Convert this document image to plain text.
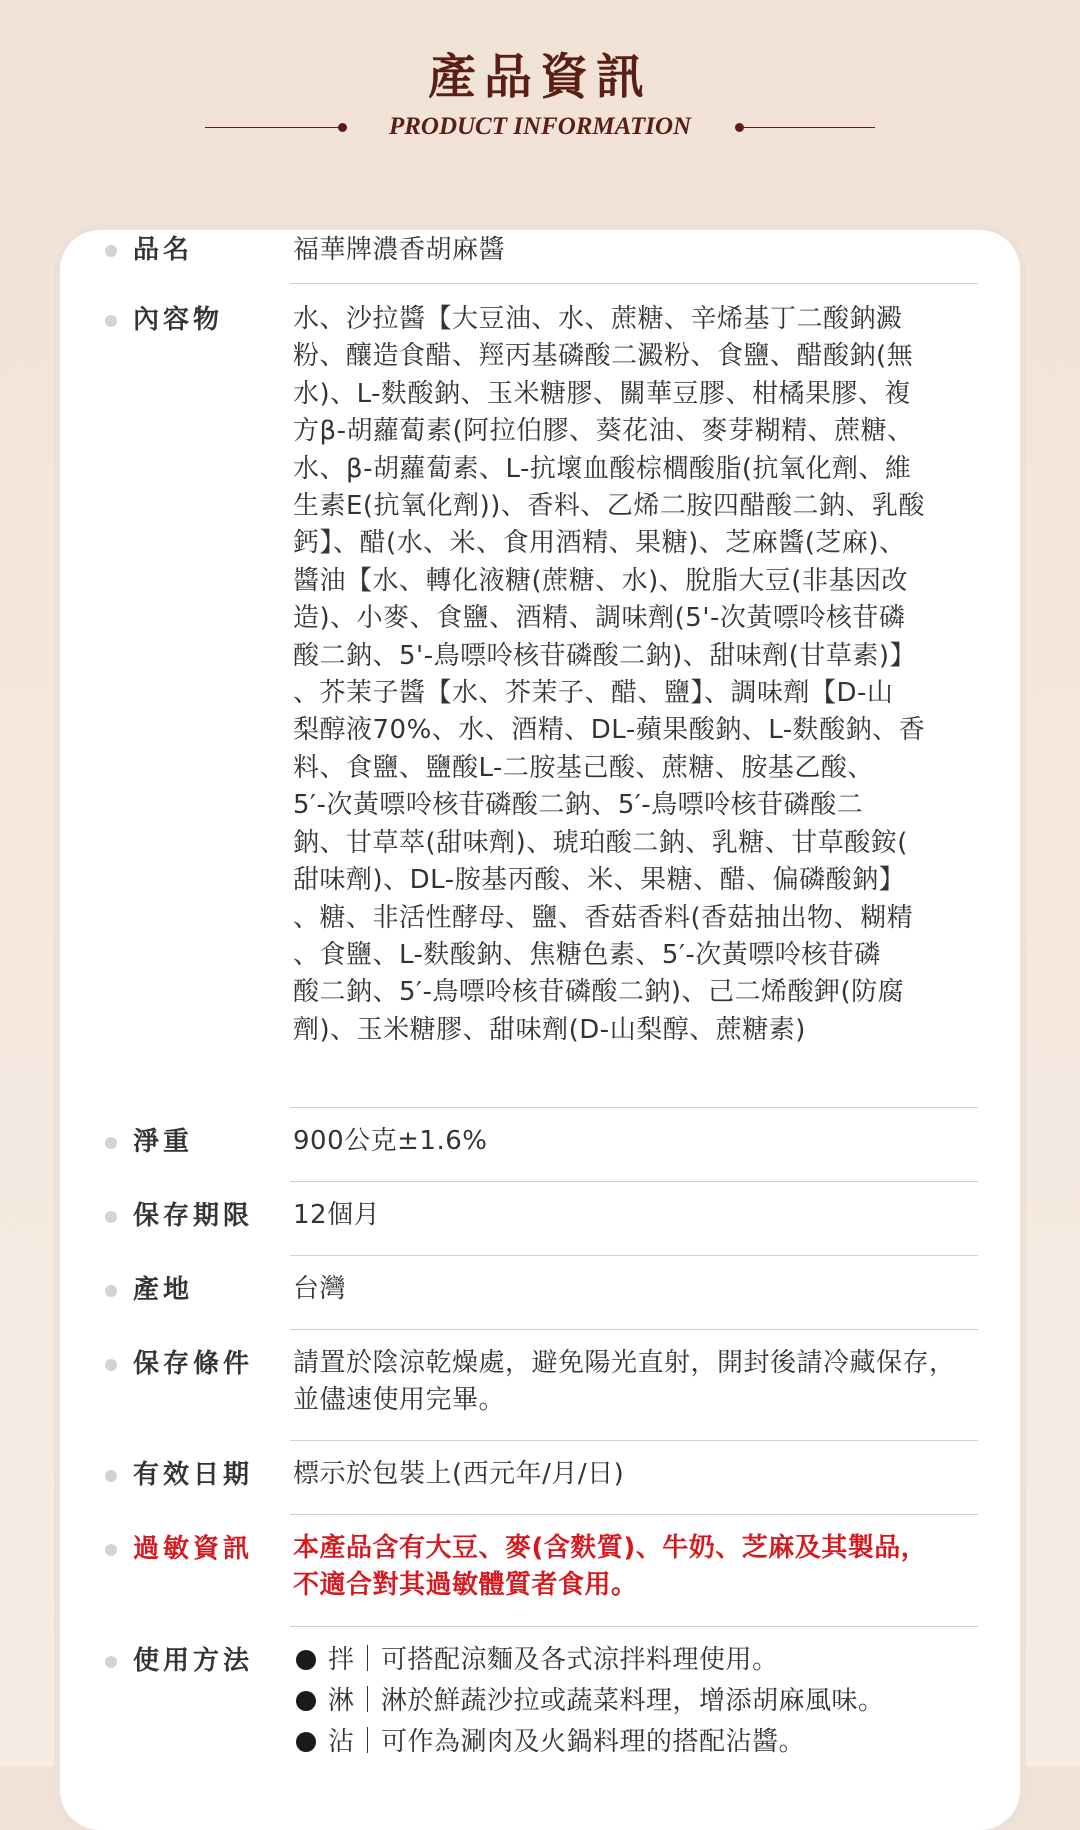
產品資訊
PRODUCT INFORMATION
品名	福華牌濃香胡麻醬
內容物	水、沙拉醬【大豆油、水、蔗糖、辛烯基丁二酸鈉澱
粉、釀造食醋、羥丙基磷酸二澱粉、食鹽、醋酸鈉(無
水)、L-麩酸鈉、玉米糖膠、關華豆膠、柑橘果膠、複
方β-胡蘿蔔素(阿拉伯膠、葵花油、麥芽糊精、蔗糖、
水、β-胡蘿蔔素、L-抗壞血酸棕櫚酸脂(抗氧化劑、維
生素E(抗氧化劑))、香料、乙烯二胺四醋酸二鈉、乳酸
鈣】、醋(水、米、食用酒精、果糖)、芝麻醬(芝麻)、
醬油【水、轉化液糖(蔗糖、水)、脫脂大豆(非基因改
造)、小麥、食鹽、酒精、調味劑(5'-次黃嘌呤核苷磷
酸二鈉、5'-鳥嘌呤核苷磷酸二鈉)、甜味劑(甘草素)】
、芥茉子醬【水、芥茉子、醋、鹽】、調味劑【D-山
梨醇液70%、水、酒精、DL-蘋果酸鈉、L-麩酸鈉、香
料、食鹽、鹽酸L-二胺基己酸、蔗糖、胺基乙酸、
5′-次黃嘌呤核苷磷酸二鈉、5′-鳥嘌呤核苷磷酸二
鈉、甘草萃(甜味劑)、琥珀酸二鈉、乳糖、甘草酸銨(
甜味劑)、DL-胺基丙酸、米、果糖、醋、偏磷酸鈉】
、糖、非活性酵母、鹽、香菇香料(香菇抽出物、糊精
、食鹽、L-麩酸鈉、焦糖色素、5′-次黃嘌呤核苷磷
酸二鈉、5′-鳥嘌呤核苷磷酸二鈉)、己二烯酸鉀(防腐
劑)、玉米糖膠、甜味劑(D-山梨醇、蔗糖素)
淨重	900公克±1.6%
保存期限 12個月
產地	台灣
保存條件 請置於陰涼乾燥處，避免陽光直射，開封後請冷藏保存，
並儘速使用完畢。
有效日期 標示於包裝上(西元年/月/日)
過敏資訊 本產品含有大豆、麥(含麩質)、牛奶、芝麻及其製品，
不適合對其過敏體質者食用。
使用方法	拌｜可搭配涼麵及各式涼拌料理使用。
淋｜淋於鮮蔬沙拉或蔬菜料理，增添胡麻風味。
沾｜可作為涮肉及火鍋料理的搭配沾醬。
